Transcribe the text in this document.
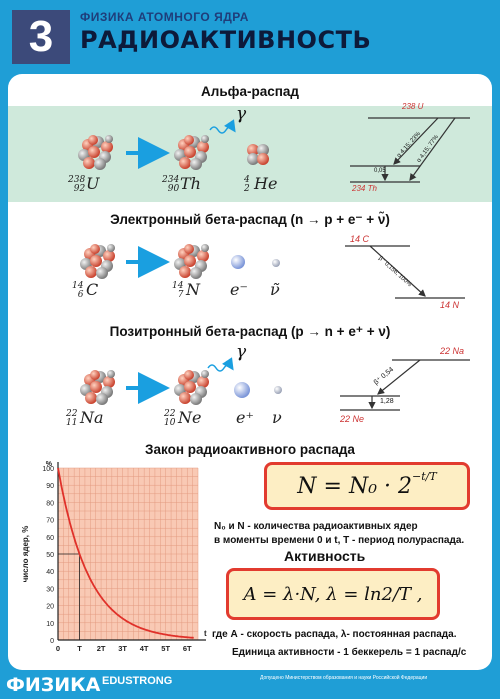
3	ФИЗИКА АТОМНОГО ЯДРА
РАДИОАКТИВНОСТЬ
Альфа-распад
238
92 U	234
90 Th	4
2 He
γ	238 U
234 Th
α 4,15; 23%
α 4,15; 77%
0,05
Электронный бета-распад (n → p + e⁻ + ν̃)
14
6 C	14
7 N e⁻ ν̃
14 C
14 N
β⁻ 0,156; 100%
Позитронный бета-распад (p → n + e⁺ + ν)
γ
22
11 Na	22
10 Ne e⁺ ν
22 Na
22 Ne
β⁺ 0,54
1,28
Закон радиоактивного распада
0
10
20
30
40
50
60
70
80
90
100
0 T 2T 3T 4T 5T 6T
%
t
число ядер, %
$N = N_0 \cdot 2^{-t/T}$
N₀ и N - количества радиоактивных ядер
в моменты времени 0 и t, T - период полураспада.
Активность
A = λ·N, λ = ln2/T ,
где А - скорость распада, λ- постоянная распада.
Единица активности - 1 беккерель = 1 распад/с
ФИЗИКА EDUSTRONG	Допущено Министерством образования и науки Российской Федерации
